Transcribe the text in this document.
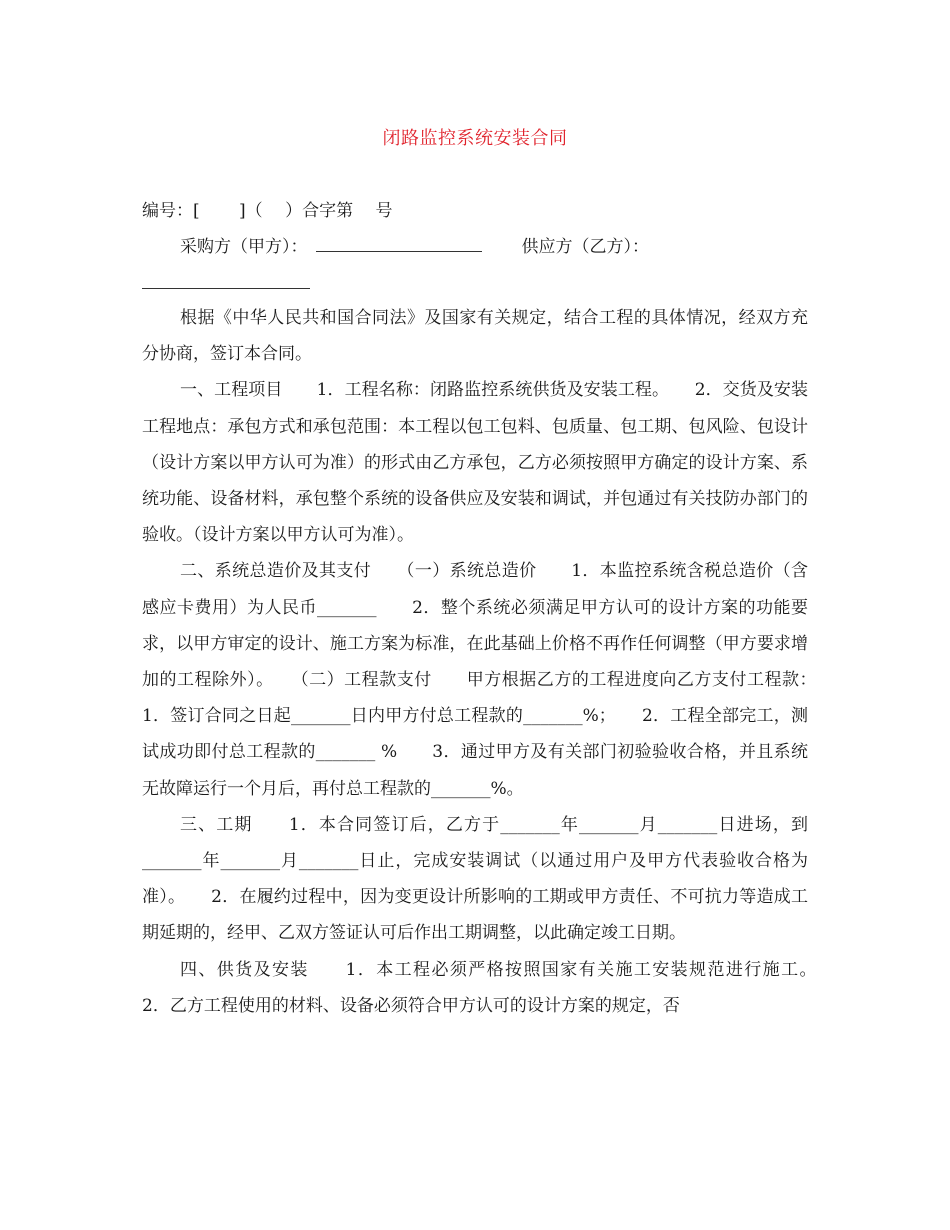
闭路监控系统安装合同
编号：[　　 ]（　 ）合字第　 号
采购方（甲方）：	供应方（乙方）：

根据《中华人民共和国合同法》及国家有关规定，结合工程的具体情况，经双方充分协商，签订本合同。

一、工程项目　　1．工程名称：闭路监控系统供货及安装工程。　　2．交货及安装工程地点：承包方式和承包范围：本工程以包工包料、包质量、包工期、包风险、包设计（设计方案以甲方认可为准）的形式由乙方承包，乙方必须按照甲方确定的设计方案、系统功能、设备材料，承包整个系统的设备供应及安装和调试，并包通过有关技防办部门的验收。（设计方案以甲方认可为准）。

二、系统总造价及其支付　　（一）系统总造价　　1．本监控系统含税总造价（含感应卡费用）为人民币_______　　2．整个系统必须满足甲方认可的设计方案的功能要求，以甲方审定的设计、施工方案为标准，在此基础上价格不再作任何调整（甲方要求增加的工程除外）。　　（二）工程款支付　　甲方根据乙方的工程进度向乙方支付工程款：　　1．签订合同之日起_______日内甲方付总工程款的_______%；　　2．工程全部完工，测试成功即付总工程款的_______ %　　3．通过甲方及有关部门初验验收合格，并且系统无故障运行一个月后，再付总工程款的_______%。

三、工期　　1．本合同签订后，乙方于_______年_______月_______日进场，到_______年_______月_______日止，完成安装调试（以通过用户及甲方代表验收合格为准）。　　2．在履约过程中，因为变更设计所影响的工期或甲方责任、不可抗力等造成工期延期的，经甲、乙双方签证认可后作出工期调整，以此确定竣工日期。

四、供货及安装　　1．本工程必须严格按照国家有关施工安装规范进行施工。　　2．乙方工程使用的材料、设备必须符合甲方认可的设计方案的规定，否
